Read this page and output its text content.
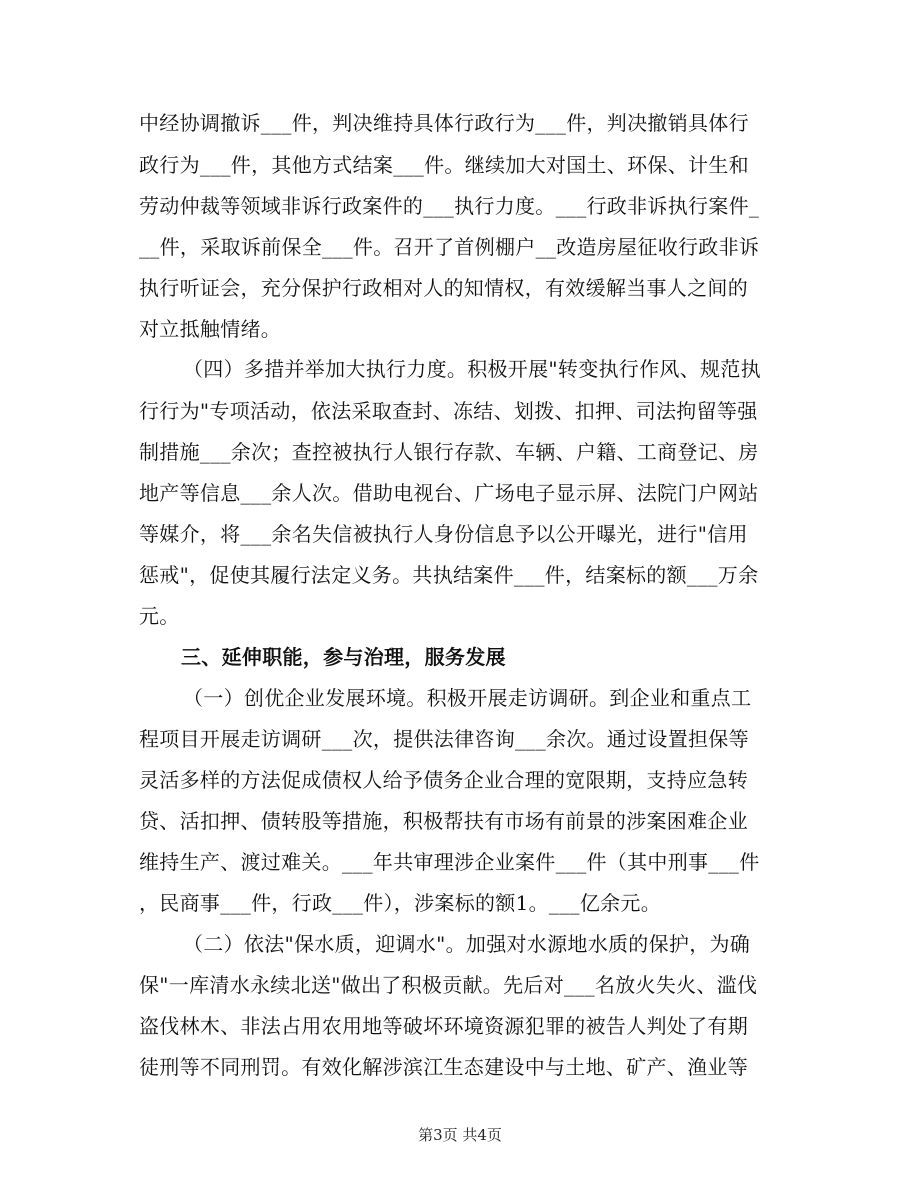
中经协调撤诉___件，判决维持具体行政行为___件，判决撤销具体行
政行为___件，其他方式结案___件。继续加大对国土、环保、计生和
劳动仲裁等领域非诉行政案件的___执行力度。___行政非诉执行案件_
__件，采取诉前保全___件。召开了首例棚户__改造房屋征收行政非诉
执行听证会，充分保护行政相对人的知情权，有效缓解当事人之间的
对立抵触情绪。
（四）多措并举加大执行力度。积极开展"转变执行作风、规范执
行行为"专项活动，依法采取查封、冻结、划拨、扣押、司法拘留等强
制措施___余次；查控被执行人银行存款、车辆、户籍、工商登记、房
地产等信息___余人次。借助电视台、广场电子显示屏、法院门户网站
等媒介，将___余名失信被执行人身份信息予以公开曝光，进行"信用
惩戒"，促使其履行法定义务。共执结案件___件，结案标的额___万余
元。
三、延伸职能，参与治理，服务发展
（一）创优企业发展环境。积极开展走访调研。到企业和重点工
程项目开展走访调研___次，提供法律咨询___余次。通过设置担保等
灵活多样的方法促成债权人给予债务企业合理的宽限期，支持应急转
贷、活扣押、债转股等措施，积极帮扶有市场有前景的涉案困难企业
维持生产、渡过难关。___年共审理涉企业案件___件（其中刑事___件
，民商事___件，行政___件），涉案标的额1。___亿余元。
（二）依法"保水质，迎调水"。加强对水源地水质的保护，为确
保"一库清水永续北送"做出了积极贡献。先后对___名放火失火、滥伐
盗伐林木、非法占用农用地等破坏环境资源犯罪的被告人判处了有期
徒刑等不同刑罚。有效化解涉滨江生态建设中与土地、矿产、渔业等
第3页 共4页
